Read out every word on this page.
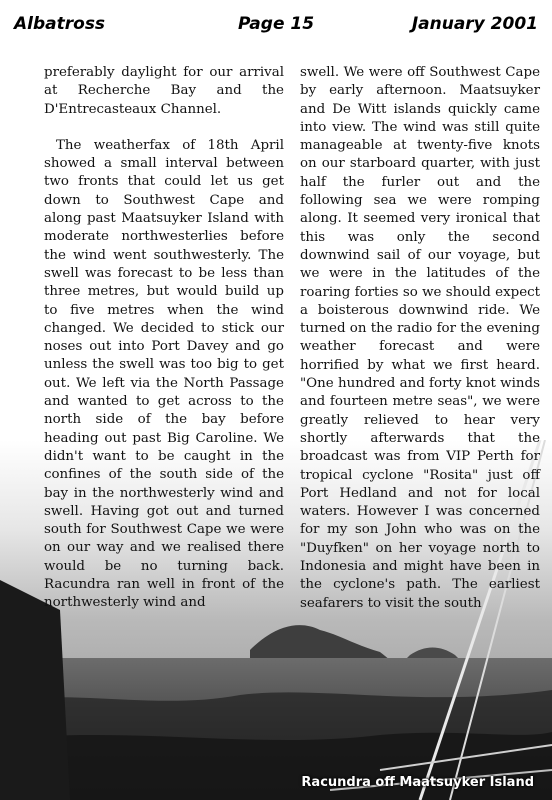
Albatross	Page 15	January 2001
Racundra off Maatsuyker Island

preferably daylight for our arrival at Recherche Bay and the D'Entrecasteaux Channel.

The weatherfax of 18th April showed a small interval between two fronts that could let us get down to Southwest Cape and along past Maatsuyker Island with moderate northwesterlies before the wind went southwesterly. The swell was forecast to be less than three metres, but would build up to five metres when the wind changed. We decided to stick our noses out into Port Davey and go unless the swell was too big to get out. We left via the North Passage and wanted to get across to the north side of the bay before heading out past Big Caroline. We didn't want to be caught in the confines of the south side of the bay in the northwesterly wind and swell. Having got out and turned south for Southwest Cape we were on our way and we realised there would be no turning back. Racundra ran well in front of the northwesterly wind and

swell. We were off Southwest Cape by early afternoon. Maatsuyker and De Witt islands quickly came into view. The wind was still quite manageable at twenty-five knots on our starboard quarter, with just half the furler out and the following sea we were romping along. It seemed very ironical that this was only the second downwind sail of our voyage, but we were in the latitudes of the roaring forties so we should expect a boisterous downwind ride. We turned on the radio for the evening weather forecast and were horrified by what we first heard. "One hundred and forty knot winds and fourteen metre seas", we were greatly relieved to hear very shortly afterwards that the broadcast was from VIP Perth for tropical cyclone "Rosita" just off Port Hedland and not for local waters. However I was concerned for my son John who was on the "Duyfken" on her voyage north to Indonesia and might have been in the cyclone's path. The earliest seafarers to visit the south
